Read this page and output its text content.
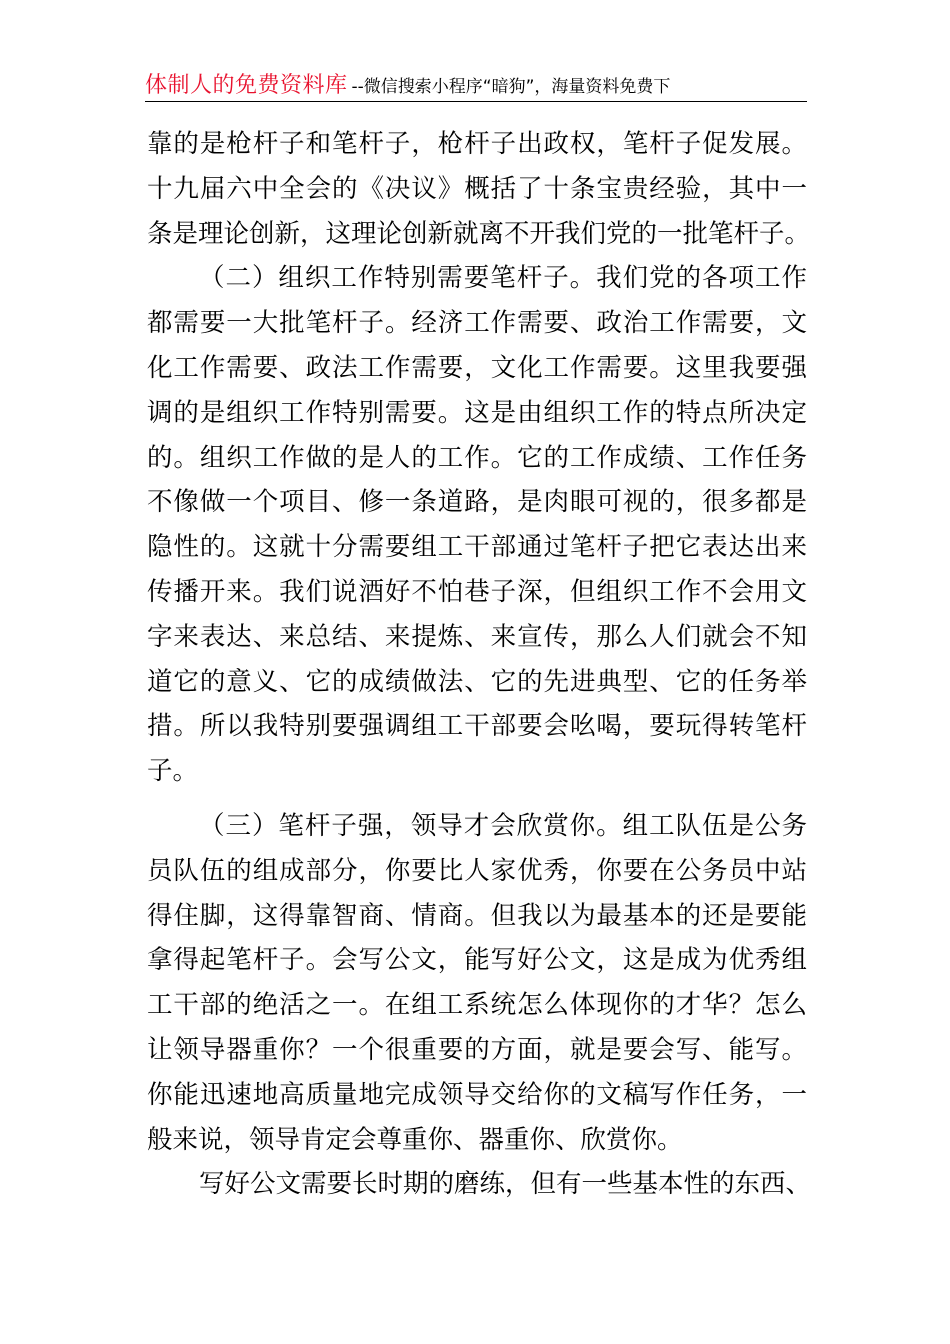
体制人的免费资料库 --微信搜索小程序“暗狗”，海量资料免费下
靠的是枪杆子和笔杆子，枪杆子出政权，笔杆子促发展。
十九届六中全会的《决议》概括了十条宝贵经验，其中一
条是理论创新，这理论创新就离不开我们党的一批笔杆子。
（二）组织工作特别需要笔杆子。我们党的各项工作
都需要一大批笔杆子。经济工作需要、政治工作需要，文
化工作需要、政法工作需要，文化工作需要。这里我要强
调的是组织工作特别需要。这是由组织工作的特点所决定
的。组织工作做的是人的工作。它的工作成绩、工作任务
不像做一个项目、修一条道路，是肉眼可视的，很多都是
隐性的。这就十分需要组工干部通过笔杆子把它表达出来
传播开来。我们说酒好不怕巷子深，但组织工作不会用文
字来表达、来总结、来提炼、来宣传，那么人们就会不知
道它的意义、它的成绩做法、它的先进典型、它的任务举
措。所以我特别要强调组工干部要会吆喝，要玩得转笔杆
子。
（三）笔杆子强，领导才会欣赏你。组工队伍是公务
员队伍的组成部分，你要比人家优秀，你要在公务员中站
得住脚，这得靠智商、情商。但我以为最基本的还是要能
拿得起笔杆子。会写公文，能写好公文，这是成为优秀组
工干部的绝活之一。在组工系统怎么体现你的才华？怎么
让领导器重你？一个很重要的方面，就是要会写、能写。
你能迅速地高质量地完成领导交给你的文稿写作任务，一
般来说，领导肯定会尊重你、器重你、欣赏你。
写好公文需要长时期的磨练，但有一些基本性的东西、
